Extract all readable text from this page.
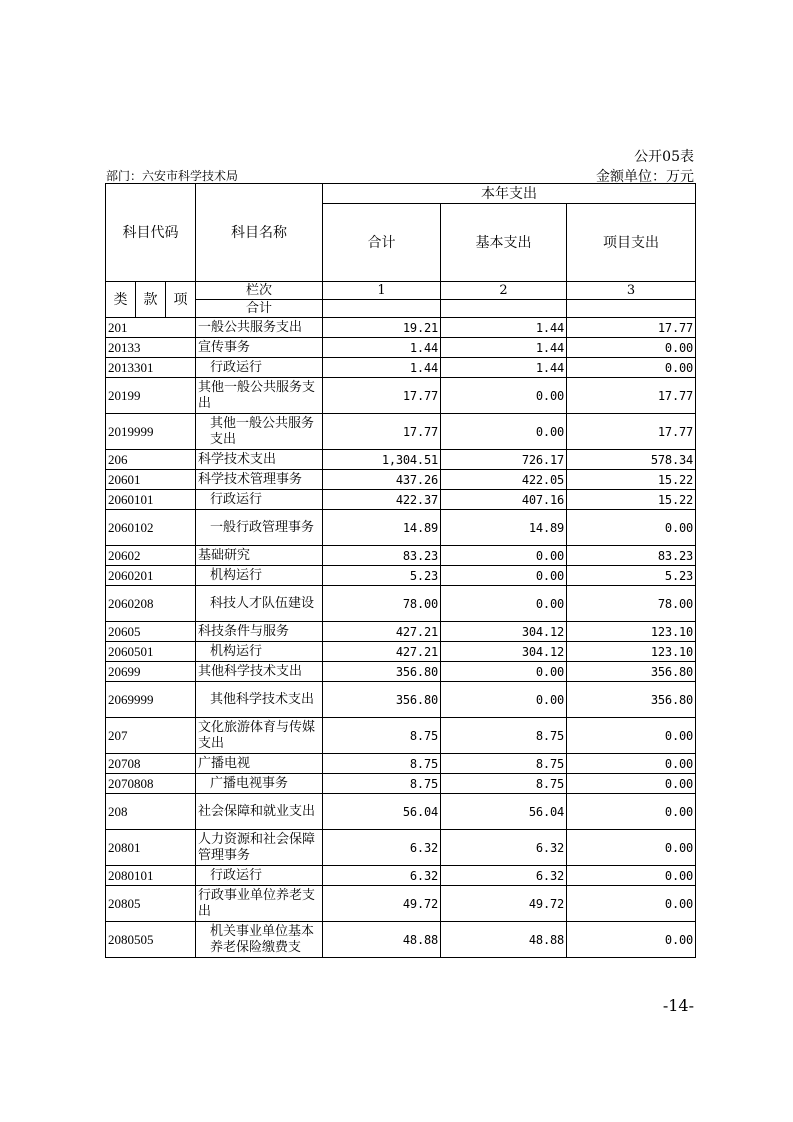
公开05表
部门：六安市科学技术局	金额单位：万元
科目代码			科目名称	本年支出		
				合计	基本支出	项目支出
类	款	项	栏次	1	2	3
			合计			
201			一般公共服务支出	19.21	1.44	17.77
20133			宣传事务	1.44	1.44	0.00
2013301			行政运行	1.44	1.44	0.00
20199			其他一般公共服务支出	17.77	0.00	17.77
2019999			其他一般公共服务支出	17.77	0.00	17.77
206			科学技术支出	1,304.51	726.17	578.34
20601			科学技术管理事务	437.26	422.05	15.22
2060101			行政运行	422.37	407.16	15.22
2060102			一般行政管理事务	14.89	14.89	0.00
20602			基础研究	83.23	0.00	83.23
2060201			机构运行	5.23	0.00	5.23
2060208			科技人才队伍建设	78.00	0.00	78.00
20605			科技条件与服务	427.21	304.12	123.10
2060501			机构运行	427.21	304.12	123.10
20699			其他科学技术支出	356.80	0.00	356.80
2069999			其他科学技术支出	356.80	0.00	356.80
207			文化旅游体育与传媒支出	8.75	8.75	0.00
20708			广播电视	8.75	8.75	0.00
2070808			广播电视事务	8.75	8.75	0.00
208			社会保障和就业支出	56.04	56.04	0.00
20801			人力资源和社会保障管理事务	6.32	6.32	0.00
2080101			行政运行	6.32	6.32	0.00
20805			行政事业单位养老支出	49.72	49.72	0.00
2080505			机关事业单位基本养老保险缴费支	48.88	48.88	0.00
-14-
